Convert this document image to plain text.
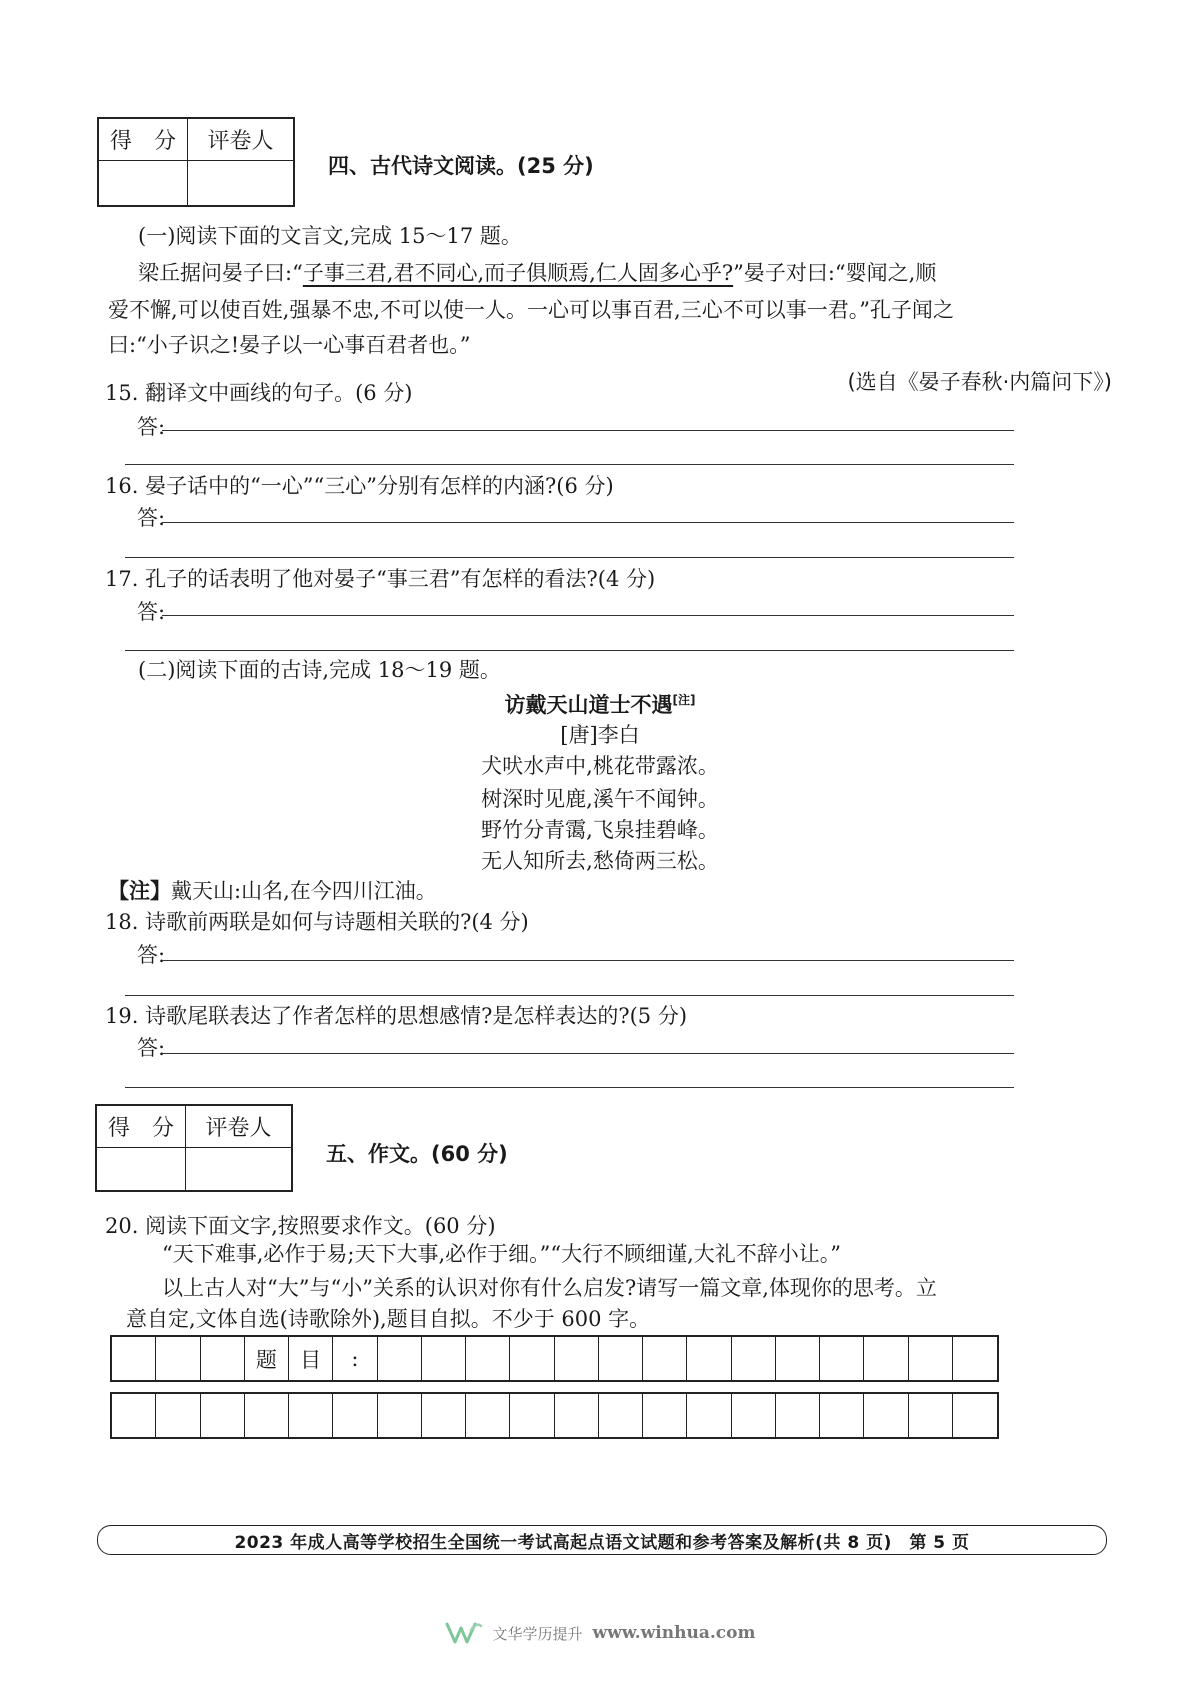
得　分	评卷人

四、古代诗文阅读。(25 分)
(一)阅读下面的文言文,完成 15～17 题。
梁丘据问晏子曰:“子事三君,君不同心,而子俱顺焉,仁人固多心乎?”晏子对曰:“婴闻之,顺
爱不懈,可以使百姓,强暴不忠,不可以使一人。一心可以事百君,三心不可以事一君。”孔子闻之
曰:“小子识之!晏子以一心事百君者也。”
(选自《晏子春秋·内篇问下》)
15. 翻译文中画线的句子。(6 分)
答:
16. 晏子话中的“一心”“三心”分别有怎样的内涵?(6 分)
答:
17. 孔子的话表明了他对晏子“事三君”有怎样的看法?(4 分)
答:
(二)阅读下面的古诗,完成 18～19 题。
访戴天山道士不遇[注]
[唐]李白
犬吠水声中,桃花带露浓。
树深时见鹿,溪午不闻钟。
野竹分青霭,飞泉挂碧峰。
无人知所去,愁倚两三松。
【注】戴天山:山名,在今四川江油。
18. 诗歌前两联是如何与诗题相关联的?(4 分)
答:
19. 诗歌尾联表达了作者怎样的思想感情?是怎样表达的?(5 分)
答:
得　分	评卷人

五、作文。(60 分)
20. 阅读下面文字,按照要求作文。(60 分)
“天下难事,必作于易;天下大事,必作于细。”“大行不顾细谨,大礼不辞小让。”
以上古人对“大”与“小”关系的认识对你有什么启发?请写一篇文章,体现你的思考。立
意自定,文体自选(诗歌除外),题目自拟。不少于 600 字。
题	目	:
2023 年成人高等学校招生全国统一考试高起点语文试题和参考答案及解析(共 8 页)　第 5 页
文华学历提升 www.winhua.com
